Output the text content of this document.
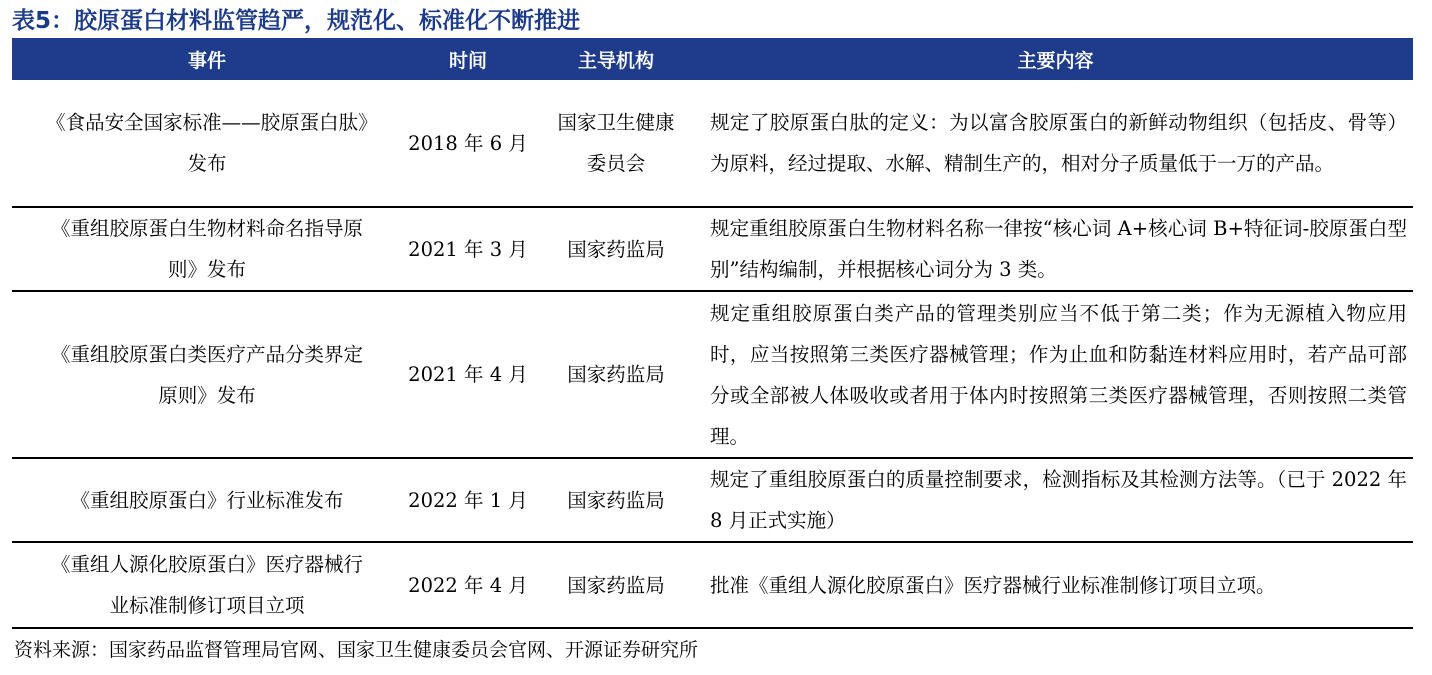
表5：胶原蛋白材料监管趋严，规范化、标准化不断推进
事件	时间	主导机构	主要内容
《食品安全国家标准——胶原蛋白肽》发布	2018 年 6 月	国家卫生健康委员会	规定了胶原蛋白肽的定义：为以富含胶原蛋白的新鲜动物组织（包括皮、骨等）为原料，经过提取、水解、精制生产的，相对分子质量低于一万的产品。
《重组胶原蛋白生物材料命名指导原则》发布	2021 年 3 月	国家药监局	规定重组胶原蛋白生物材料名称一律按“核心词 A+核心词 B+特征词-胶原蛋白型别”结构编制，并根据核心词分为 3 类。
《重组胶原蛋白类医疗产品分类界定原则》发布	2021 年 4 月	国家药监局	规定重组胶原蛋白类产品的管理类别应当不低于第二类；作为无源植入物应用时，应当按照第三类医疗器械管理；作为止血和防黏连材料应用时，若产品可部分或全部被人体吸收或者用于体内时按照第三类医疗器械管理，否则按照二类管理。
《重组胶原蛋白》行业标准发布	2022 年 1 月	国家药监局	规定了重组胶原蛋白的质量控制要求，检测指标及其检测方法等。（已于 2022 年 8 月正式实施）
《重组人源化胶原蛋白》医疗器械行业标准制修订项目立项	2022 年 4 月	国家药监局	批准《重组人源化胶原蛋白》医疗器械行业标准制修订项目立项。
资料来源：国家药品监督管理局官网、国家卫生健康委员会官网、开源证券研究所
